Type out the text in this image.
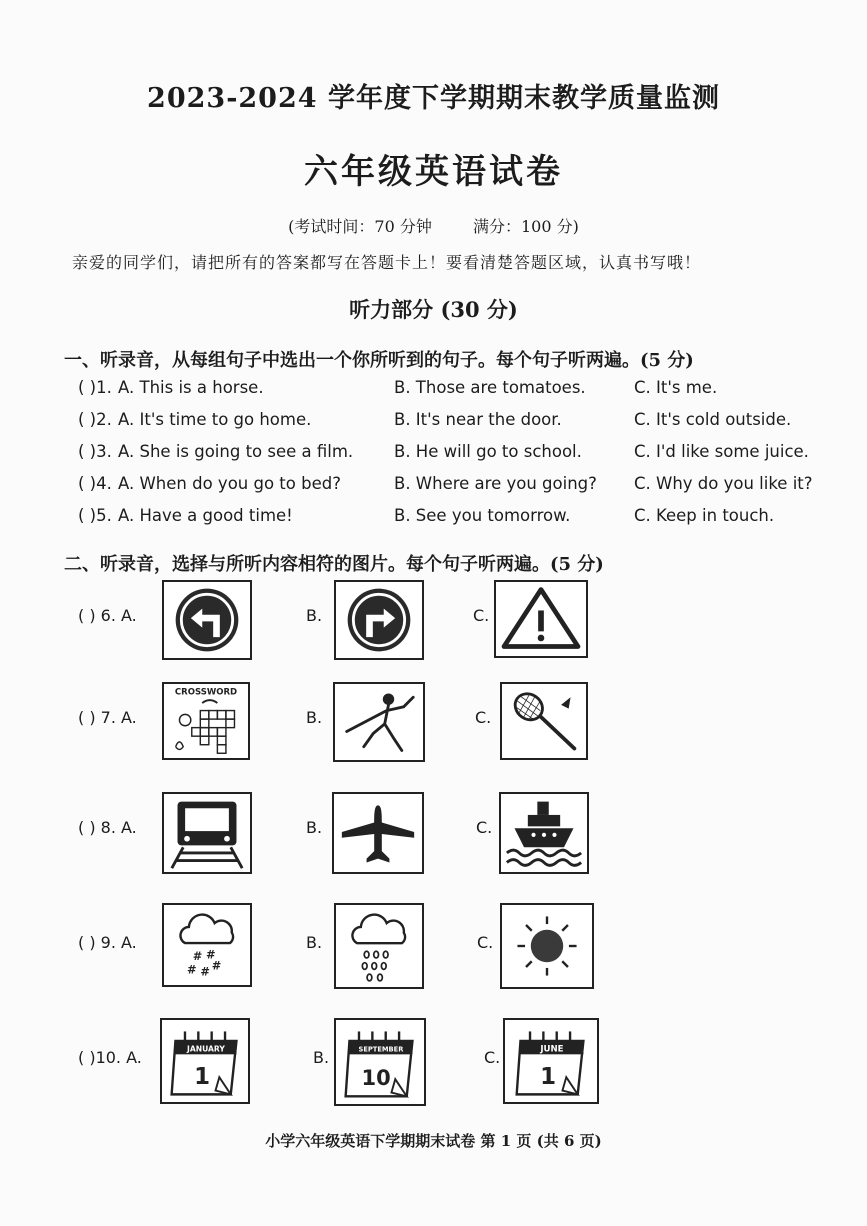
2023-2024 学年度下学期期末教学质量监测
六年级英语试卷
(考试时间：70 分钟	满分：100 分)
亲爱的同学们，请把所有的答案都写在答题卡上！要看清楚答题区域，认真书写哦！
听力部分 (30 分)
一、听录音，从每组句子中选出一个你所听到的句子。每个句子听两遍。(5 分)
( )1. A. This is a horse.	B. Those are tomatoes.	C. It's me.
( )2. A. It's time to go home.	B. It's near the door.	C. It's cold outside.
( )3. A. She is going to see a film. B. He will go to school.	C. I'd like some juice.
( )4. A. When do you go to bed?	B. Where are you going? C. Why do you like it?
( )5. A. Have a good time!	B. See you tomorrow.	C. Keep in touch.
二、听录音，选择与所听内容相符的图片。每个句子听两遍。(5 分)
( ) 6. A.	B.	C.
( ) 7. A.
CROSSWORD
B.	C.
( ) 8. A.	B.	C.
( ) 9. A.
# #
# # #
B.	C.
( )10. A.	JANUARY
1
B.	SEPTEMBER
10
C.	JUNE
1
小学六年级英语下学期期末试卷 第 1 页 (共 6 页)
